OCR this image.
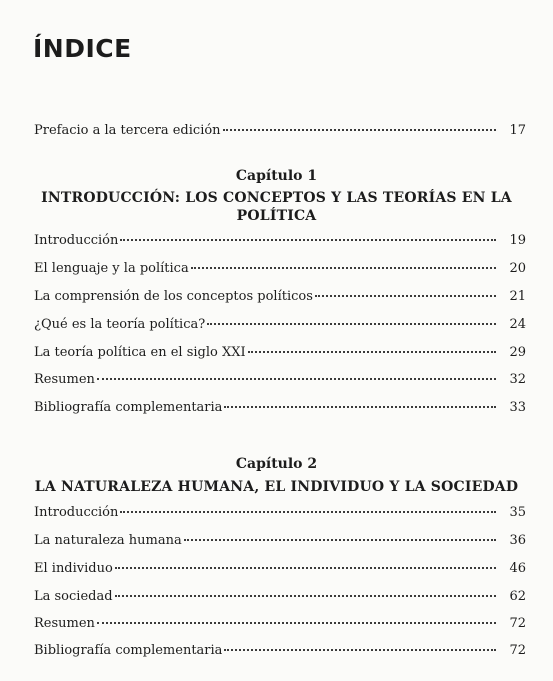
ÍNDICE
Prefacio a la tercera edición	17
Capítulo 1
INTRODUCCIÓN: LOS CONCEPTOS Y LAS TEORÍAS EN LA POLÍTICA
Introducción	19
El lenguaje y la política	20
La comprensión de los conceptos políticos	21
¿Qué es la teoría política?	24
La teoría política en el siglo XXI	29
Resumen	32
Bibliografía complementaria	33
Capítulo 2
LA NATURALEZA HUMANA, EL INDIVIDUO Y LA SOCIEDAD
Introducción	35
La naturaleza humana	36
El individuo	46
La sociedad	62
Resumen	72
Bibliografía complementaria	72
